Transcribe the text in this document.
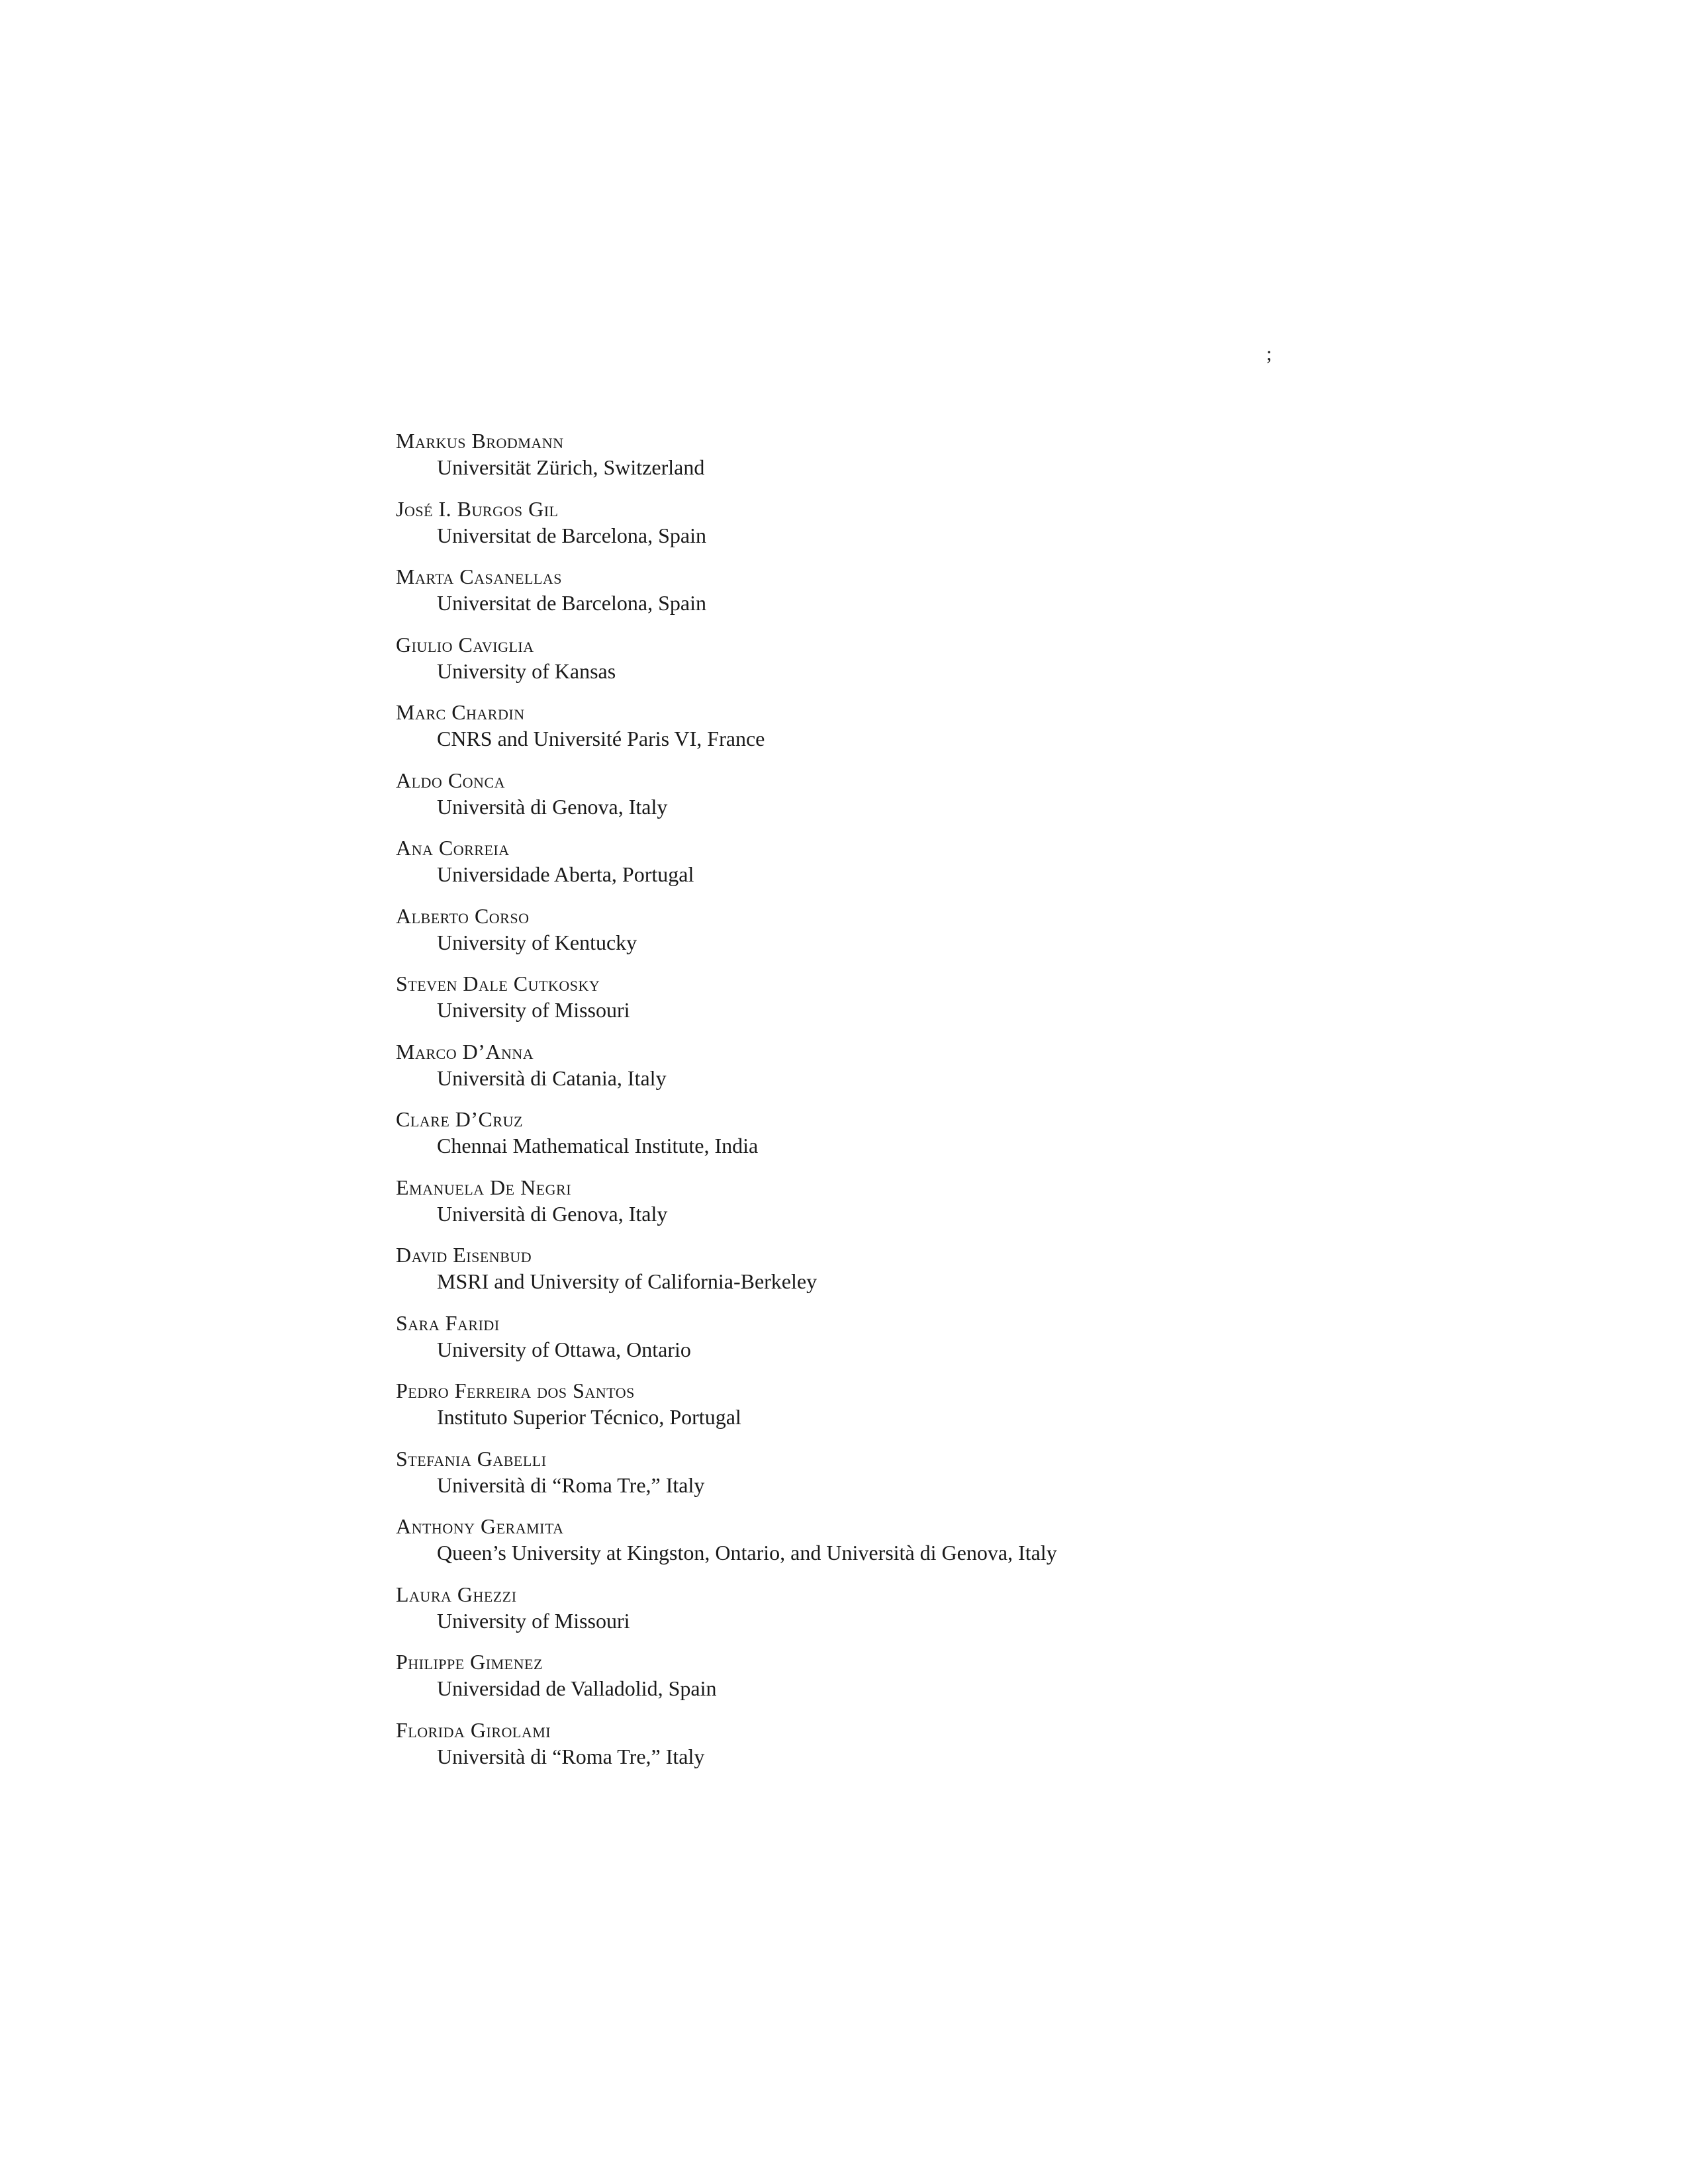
;
Markus Brodmann
Universität Zürich, Switzerland
José I. Burgos Gil
Universitat de Barcelona, Spain
Marta Casanellas
Universitat de Barcelona, Spain
Giulio Caviglia
University of Kansas
Marc Chardin
CNRS and Université Paris VI, France
Aldo Conca
Università di Genova, Italy
Ana Correia
Universidade Aberta, Portugal
Alberto Corso
University of Kentucky
Steven Dale Cutkosky
University of Missouri
Marco D’Anna
Università di Catania, Italy
Clare D’Cruz
Chennai Mathematical Institute, India
Emanuela De Negri
Università di Genova, Italy
David Eisenbud
MSRI and University of California-Berkeley
Sara Faridi
University of Ottawa, Ontario
Pedro Ferreira dos Santos
Instituto Superior Técnico, Portugal
Stefania Gabelli
Università di “Roma Tre,” Italy
Anthony Geramita
Queen’s University at Kingston, Ontario, and Università di Genova, Italy
Laura Ghezzi
University of Missouri
Philippe Gimenez
Universidad de Valladolid, Spain
Florida Girolami
Università di “Roma Tre,” Italy
